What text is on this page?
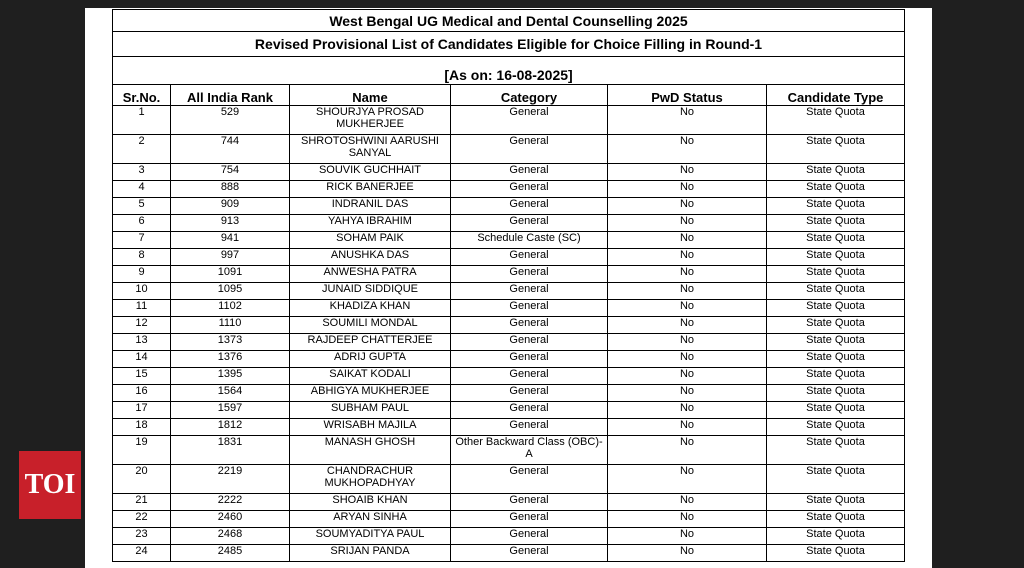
West Bengal UG Medical and Dental Counselling 2025					
Revised Provisional List of Candidates Eligible for Choice Filling in Round-1					
[As on: 16-08-2025]					
Sr.No.	All India Rank	Name	Category	PwD Status	Candidate Type
1	529	SHOURJYA PROSAD MUKHERJEE	General	No	State Quota
2	744	SHROTOSHWINI AARUSHI SANYAL	General	No	State Quota
3	754	SOUVIK GUCHHAIT	General	No	State Quota
4	888	RICK BANERJEE	General	No	State Quota
5	909	INDRANIL DAS	General	No	State Quota
6	913	YAHYA IBRAHIM	General	No	State Quota
7	941	SOHAM PAIK	Schedule Caste (SC)	No	State Quota
8	997	ANUSHKA DAS	General	No	State Quota
9	1091	ANWESHA PATRA	General	No	State Quota
10	1095	JUNAID SIDDIQUE	General	No	State Quota
11	1102	KHADIZA KHAN	General	No	State Quota
12	1110	SOUMILI MONDAL	General	No	State Quota
13	1373	RAJDEEP CHATTERJEE	General	No	State Quota
14	1376	ADRIJ GUPTA	General	No	State Quota
15	1395	SAIKAT KODALI	General	No	State Quota
16	1564	ABHIGYA MUKHERJEE	General	No	State Quota
17	1597	SUBHAM PAUL	General	No	State Quota
18	1812	WRISABH MAJILA	General	No	State Quota
19	1831	MANASH GHOSH	Other Backward Class (OBC)-A	No	State Quota
20	2219	CHANDRACHUR MUKHOPADHYAY	General	No	State Quota
21	2222	SHOAIB KHAN	General	No	State Quota
22	2460	ARYAN SINHA	General	No	State Quota
23	2468	SOUMYADITYA PAUL	General	No	State Quota
24	2485	SRIJAN PANDA	General	No	State Quota
TOI
